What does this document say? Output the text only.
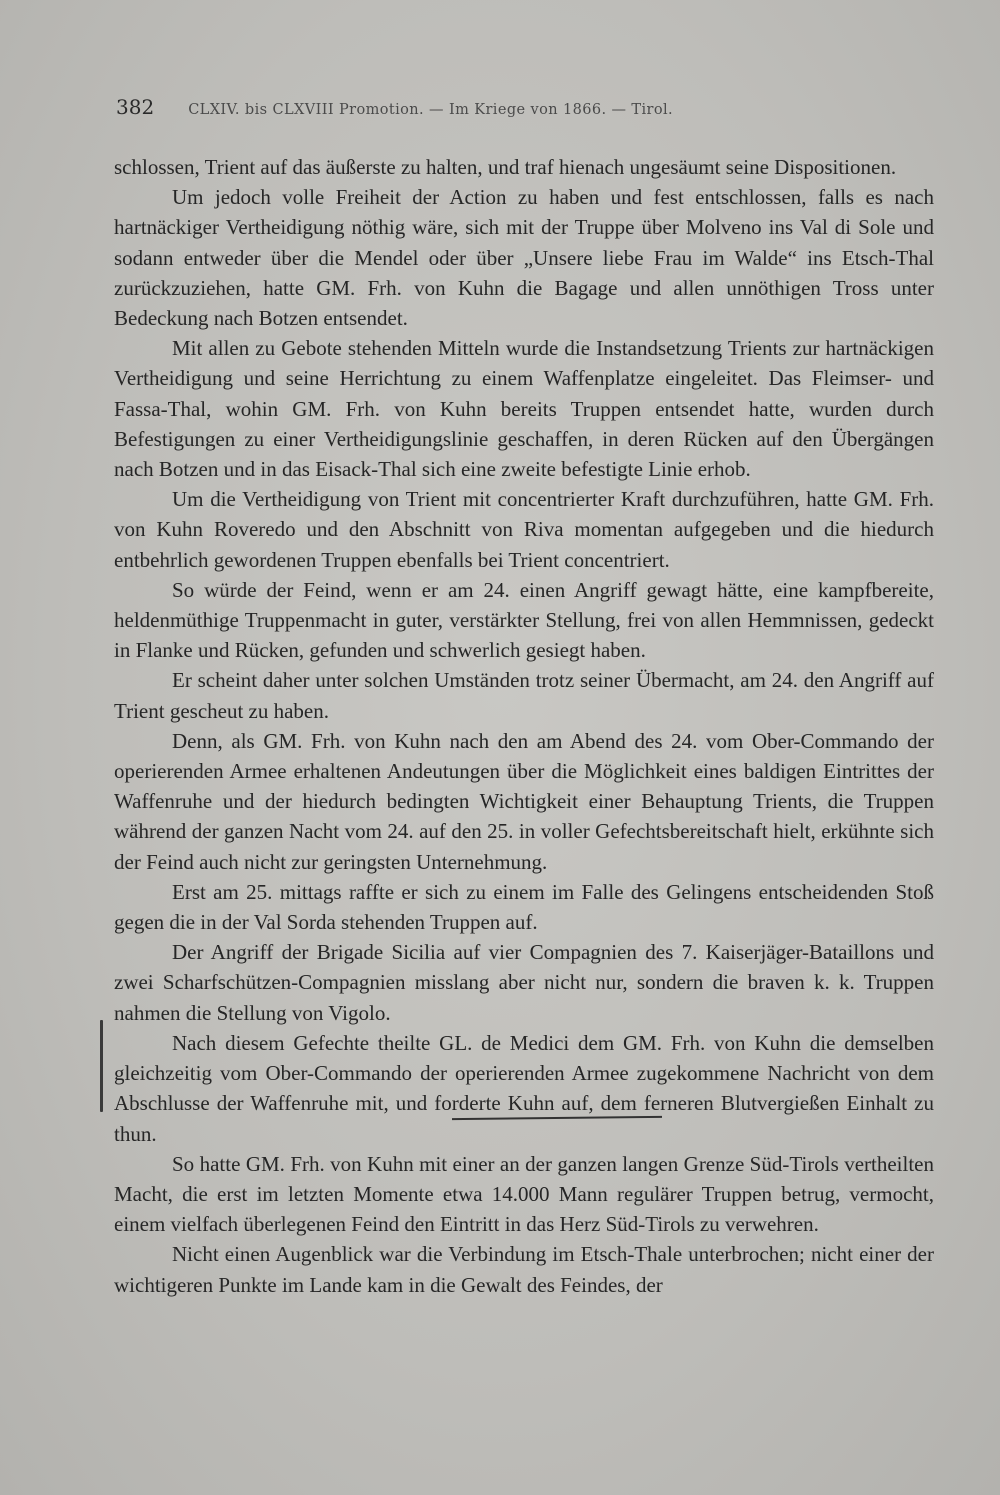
382 CLXIV. bis CLXVIII Promotion. — Im Kriege von 1866. — Tirol.

schlossen, Trient auf das äußerste zu halten, und traf hienach ungesäumt seine Dispositionen.

Um jedoch volle Freiheit der Action zu haben und fest entschlossen, falls es nach hartnäckiger Vertheidigung nöthig wäre, sich mit der Truppe über Molveno ins Val di Sole und sodann entweder über die Mendel oder über „Unsere liebe Frau im Walde“ ins Etsch-Thal zurückzuziehen, hatte GM. Frh. von Kuhn die Bagage und allen unnöthigen Tross unter Bedeckung nach Botzen entsendet.

Mit allen zu Gebote stehenden Mitteln wurde die Instandsetzung Trients zur hartnäckigen Vertheidigung und seine Herrichtung zu einem Waffenplatze eingeleitet. Das Fleimser- und Fassa-Thal, wohin GM. Frh. von Kuhn bereits Truppen entsendet hatte, wurden durch Befestigungen zu einer Vertheidigungslinie geschaffen, in deren Rücken auf den Übergängen nach Botzen und in das Eisack-Thal sich eine zweite befestigte Linie erhob.

Um die Vertheidigung von Trient mit concentrierter Kraft durchzuführen, hatte GM. Frh. von Kuhn Roveredo und den Abschnitt von Riva momentan aufgegeben und die hiedurch entbehrlich gewordenen Truppen ebenfalls bei Trient concentriert.

So würde der Feind, wenn er am 24. einen Angriff gewagt hätte, eine kampfbereite, heldenmüthige Truppenmacht in guter, verstärkter Stellung, frei von allen Hemmnissen, gedeckt in Flanke und Rücken, gefunden und schwerlich gesiegt haben.

Er scheint daher unter solchen Umständen trotz seiner Übermacht, am 24. den Angriff auf Trient gescheut zu haben.

Denn, als GM. Frh. von Kuhn nach den am Abend des 24. vom Ober-Commando der operierenden Armee erhaltenen Andeutungen über die Möglichkeit eines baldigen Eintrittes der Waffenruhe und der hiedurch bedingten Wichtigkeit einer Behauptung Trients, die Truppen während der ganzen Nacht vom 24. auf den 25. in voller Gefechtsbereitschaft hielt, erkühnte sich der Feind auch nicht zur geringsten Unternehmung.

Erst am 25. mittags raffte er sich zu einem im Falle des Gelingens entscheidenden Stoß gegen die in der Val Sorda stehenden Truppen auf.

Der Angriff der Brigade Sicilia auf vier Compagnien des 7. Kaiserjäger-Bataillons und zwei Scharfschützen-Compagnien misslang aber nicht nur, sondern die braven k. k. Truppen nahmen die Stellung von Vigolo.

Nach diesem Gefechte theilte GL. de Medici dem GM. Frh. von Kuhn die demselben gleichzeitig vom Ober-Commando der operierenden Armee zugekommene Nachricht von dem Abschlusse der Waffenruhe mit, und forderte Kuhn auf, dem ferneren Blutvergießen Einhalt zu thun.

So hatte GM. Frh. von Kuhn mit einer an der ganzen langen Grenze Süd-Tirols vertheilten Macht, die erst im letzten Momente etwa 14.000 Mann regulärer Truppen betrug, vermocht, einem vielfach überlegenen Feind den Eintritt in das Herz Süd-Tirols zu verwehren.

Nicht einen Augenblick war die Verbindung im Etsch-Thale unterbrochen; nicht einer der wichtigeren Punkte im Lande kam in die Gewalt des Feindes, der
